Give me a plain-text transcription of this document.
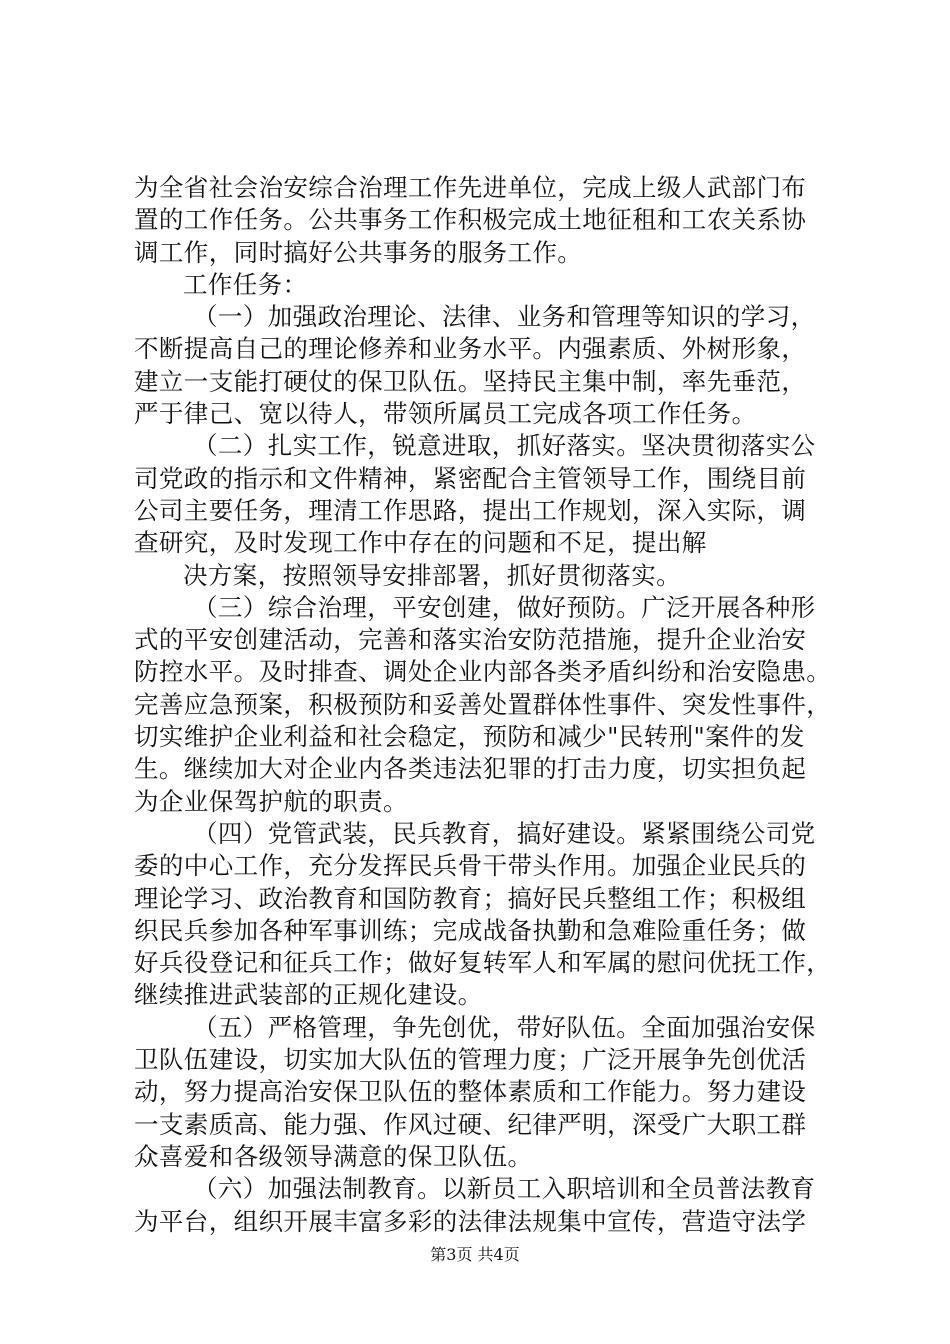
为全省社会治安综合治理工作先进单位，完成上级人武部门布
置的工作任务。公共事务工作积极完成土地征租和工农关系协
调工作，同时搞好公共事务的服务工作。
工作任务：
（一）加强政治理论、法律、业务和管理等知识的学习，
不断提高自己的理论修养和业务水平。内强素质、外树形象，
建立一支能打硬仗的保卫队伍。坚持民主集中制，率先垂范，
严于律己、宽以待人，带领所属员工完成各项工作任务。
（二）扎实工作，锐意进取，抓好落实。坚决贯彻落实公
司党政的指示和文件精神，紧密配合主管领导工作，围绕目前
公司主要任务，理清工作思路，提出工作规划，深入实际，调
查研究，及时发现工作中存在的问题和不足，提出解
决方案，按照领导安排部署，抓好贯彻落实。
（三）综合治理，平安创建，做好预防。广泛开展各种形
式的平安创建活动，完善和落实治安防范措施，提升企业治安
防控水平。及时排查、调处企业内部各类矛盾纠纷和治安隐患。
完善应急预案，积极预防和妥善处置群体性事件、突发性事件，
切实维护企业利益和社会稳定，预防和减少"民转刑"案件的发
生。继续加大对企业内各类违法犯罪的打击力度，切实担负起
为企业保驾护航的职责。
（四）党管武装，民兵教育，搞好建设。紧紧围绕公司党
委的中心工作，充分发挥民兵骨干带头作用。加强企业民兵的
理论学习、政治教育和国防教育；搞好民兵整组工作；积极组
织民兵参加各种军事训练；完成战备执勤和急难险重任务；做
好兵役登记和征兵工作；做好复转军人和军属的慰问优抚工作，
继续推进武装部的正规化建设。
（五）严格管理，争先创优，带好队伍。全面加强治安保
卫队伍建设，切实加大队伍的管理力度；广泛开展争先创优活
动，努力提高治安保卫队伍的整体素质和工作能力。努力建设
一支素质高、能力强、作风过硬、纪律严明，深受广大职工群
众喜爱和各级领导满意的保卫队伍。
（六）加强法制教育。以新员工入职培训和全员普法教育
为平台，组织开展丰富多彩的法律法规集中宣传，营造守法学
第3页 共4页
